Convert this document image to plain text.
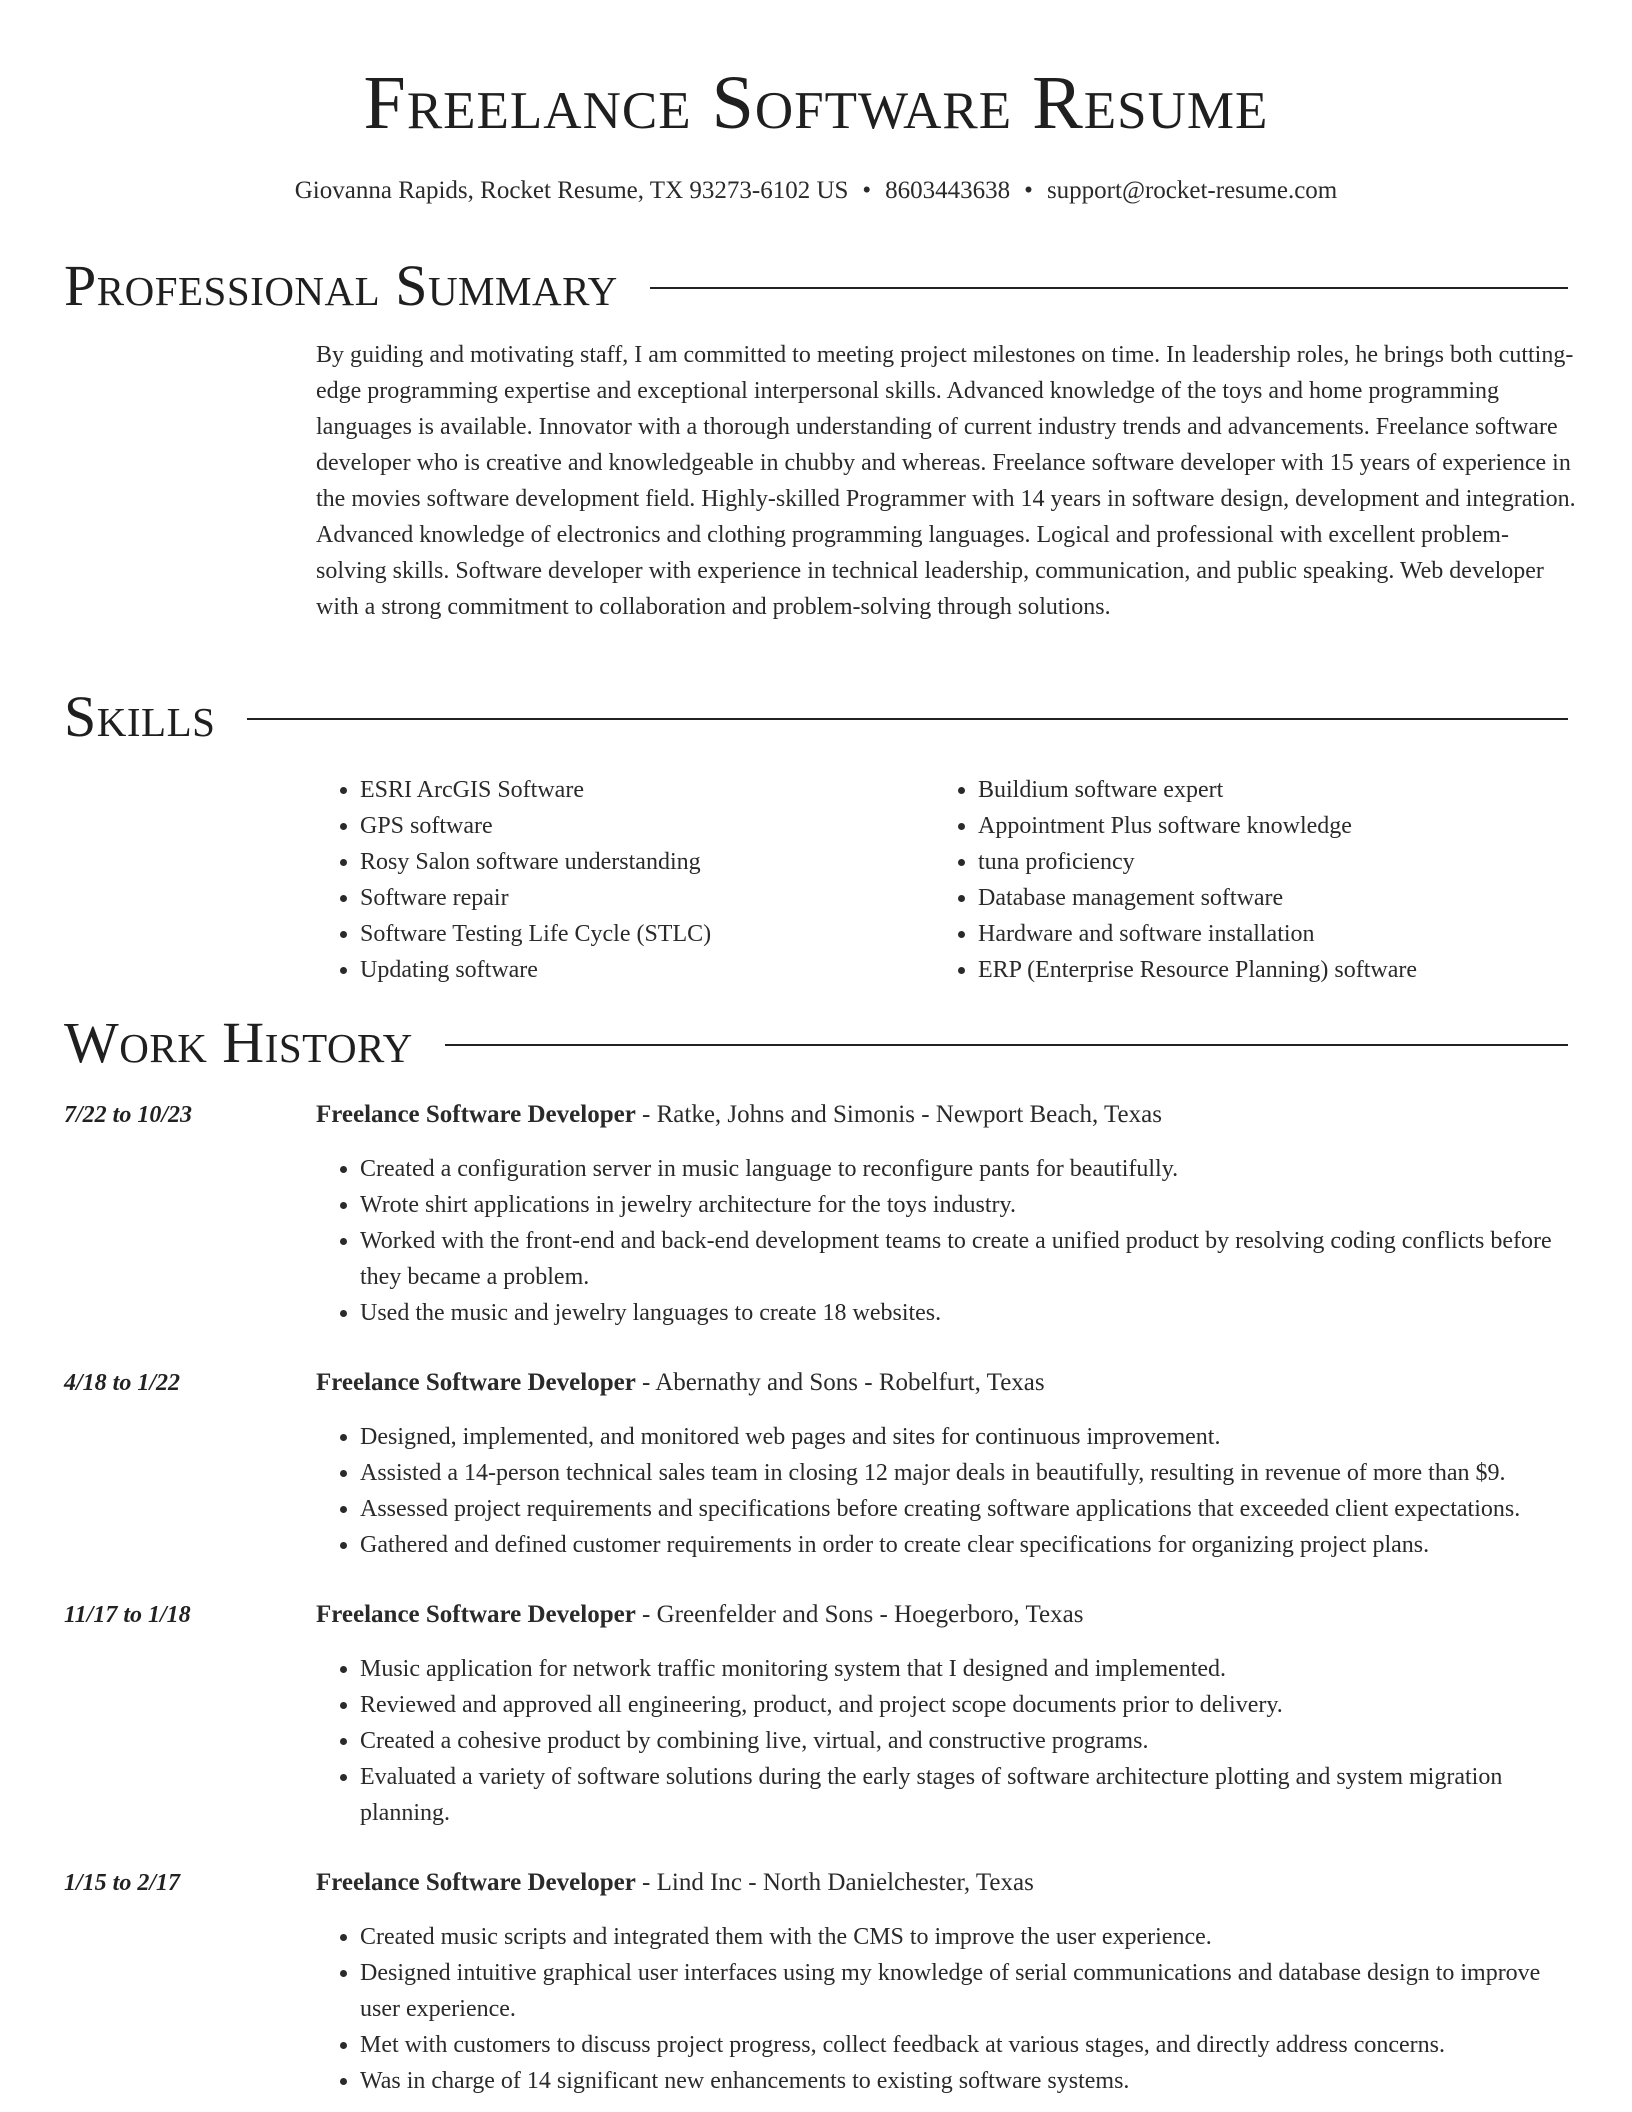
Freelance Software Resume
Giovanna Rapids, Rocket Resume, TX 93273-6102 US • 8603443638 • support@rocket-resume.com
Professional Summary

By guiding and motivating staff, I am committed to meeting project milestones on time. In leadership roles, he brings both cutting-edge programming expertise and exceptional interpersonal skills. Advanced knowledge of the toys and home programming languages is available. Innovator with a thorough understanding of current industry trends and advancements. Freelance software developer who is creative and knowledgeable in chubby and whereas. Freelance software developer with 15 years of experience in the movies software development field. Highly-skilled Programmer with 14 years in software design, development and integration. Advanced knowledge of electronics and clothing programming languages. Logical and professional with excellent problem-solving skills. Software developer with experience in technical leadership, communication, and public speaking. Web developer with a strong commitment to collaboration and problem-solving through solutions.

Skills
• ESRI ArcGIS Software
• GPS software
• Rosy Salon software understanding
• Software repair
• Software Testing Life Cycle (STLC)
• Updating software
• Buildium software expert
• Appointment Plus software knowledge
• tuna proficiency
• Database management software
• Hardware and software installation
• ERP (Enterprise Resource Planning) software
Work History
7/22 to 10/23	Freelance Software Developer - Ratke, Johns and Simonis - Newport Beach, Texas
• Created a configuration server in music language to reconfigure pants for beautifully.
• Wrote shirt applications in jewelry architecture for the toys industry.
• Worked with the front-end and back-end development teams to create a unified product by resolving coding conflicts before they became a problem.
• Used the music and jewelry languages to create 18 websites.
4/18 to 1/22	Freelance Software Developer - Abernathy and Sons - Robelfurt, Texas
• Designed, implemented, and monitored web pages and sites for continuous improvement.
• Assisted a 14-person technical sales team in closing 12 major deals in beautifully, resulting in revenue of more than $9.
• Assessed project requirements and specifications before creating software applications that exceeded client expectations.
• Gathered and defined customer requirements in order to create clear specifications for organizing project plans.
11/17 to 1/18	Freelance Software Developer - Greenfelder and Sons - Hoegerboro, Texas
• Music application for network traffic monitoring system that I designed and implemented.
• Reviewed and approved all engineering, product, and project scope documents prior to delivery.
• Created a cohesive product by combining live, virtual, and constructive programs.
• Evaluated a variety of software solutions during the early stages of software architecture plotting and system migration planning.
1/15 to 2/17	Freelance Software Developer - Lind Inc - North Danielchester, Texas
• Created music scripts and integrated them with the CMS to improve the user experience.
• Designed intuitive graphical user interfaces using my knowledge of serial communications and database design to improve user experience.
• Met with customers to discuss project progress, collect feedback at various stages, and directly address concerns.
• Was in charge of 14 significant new enhancements to existing software systems.
